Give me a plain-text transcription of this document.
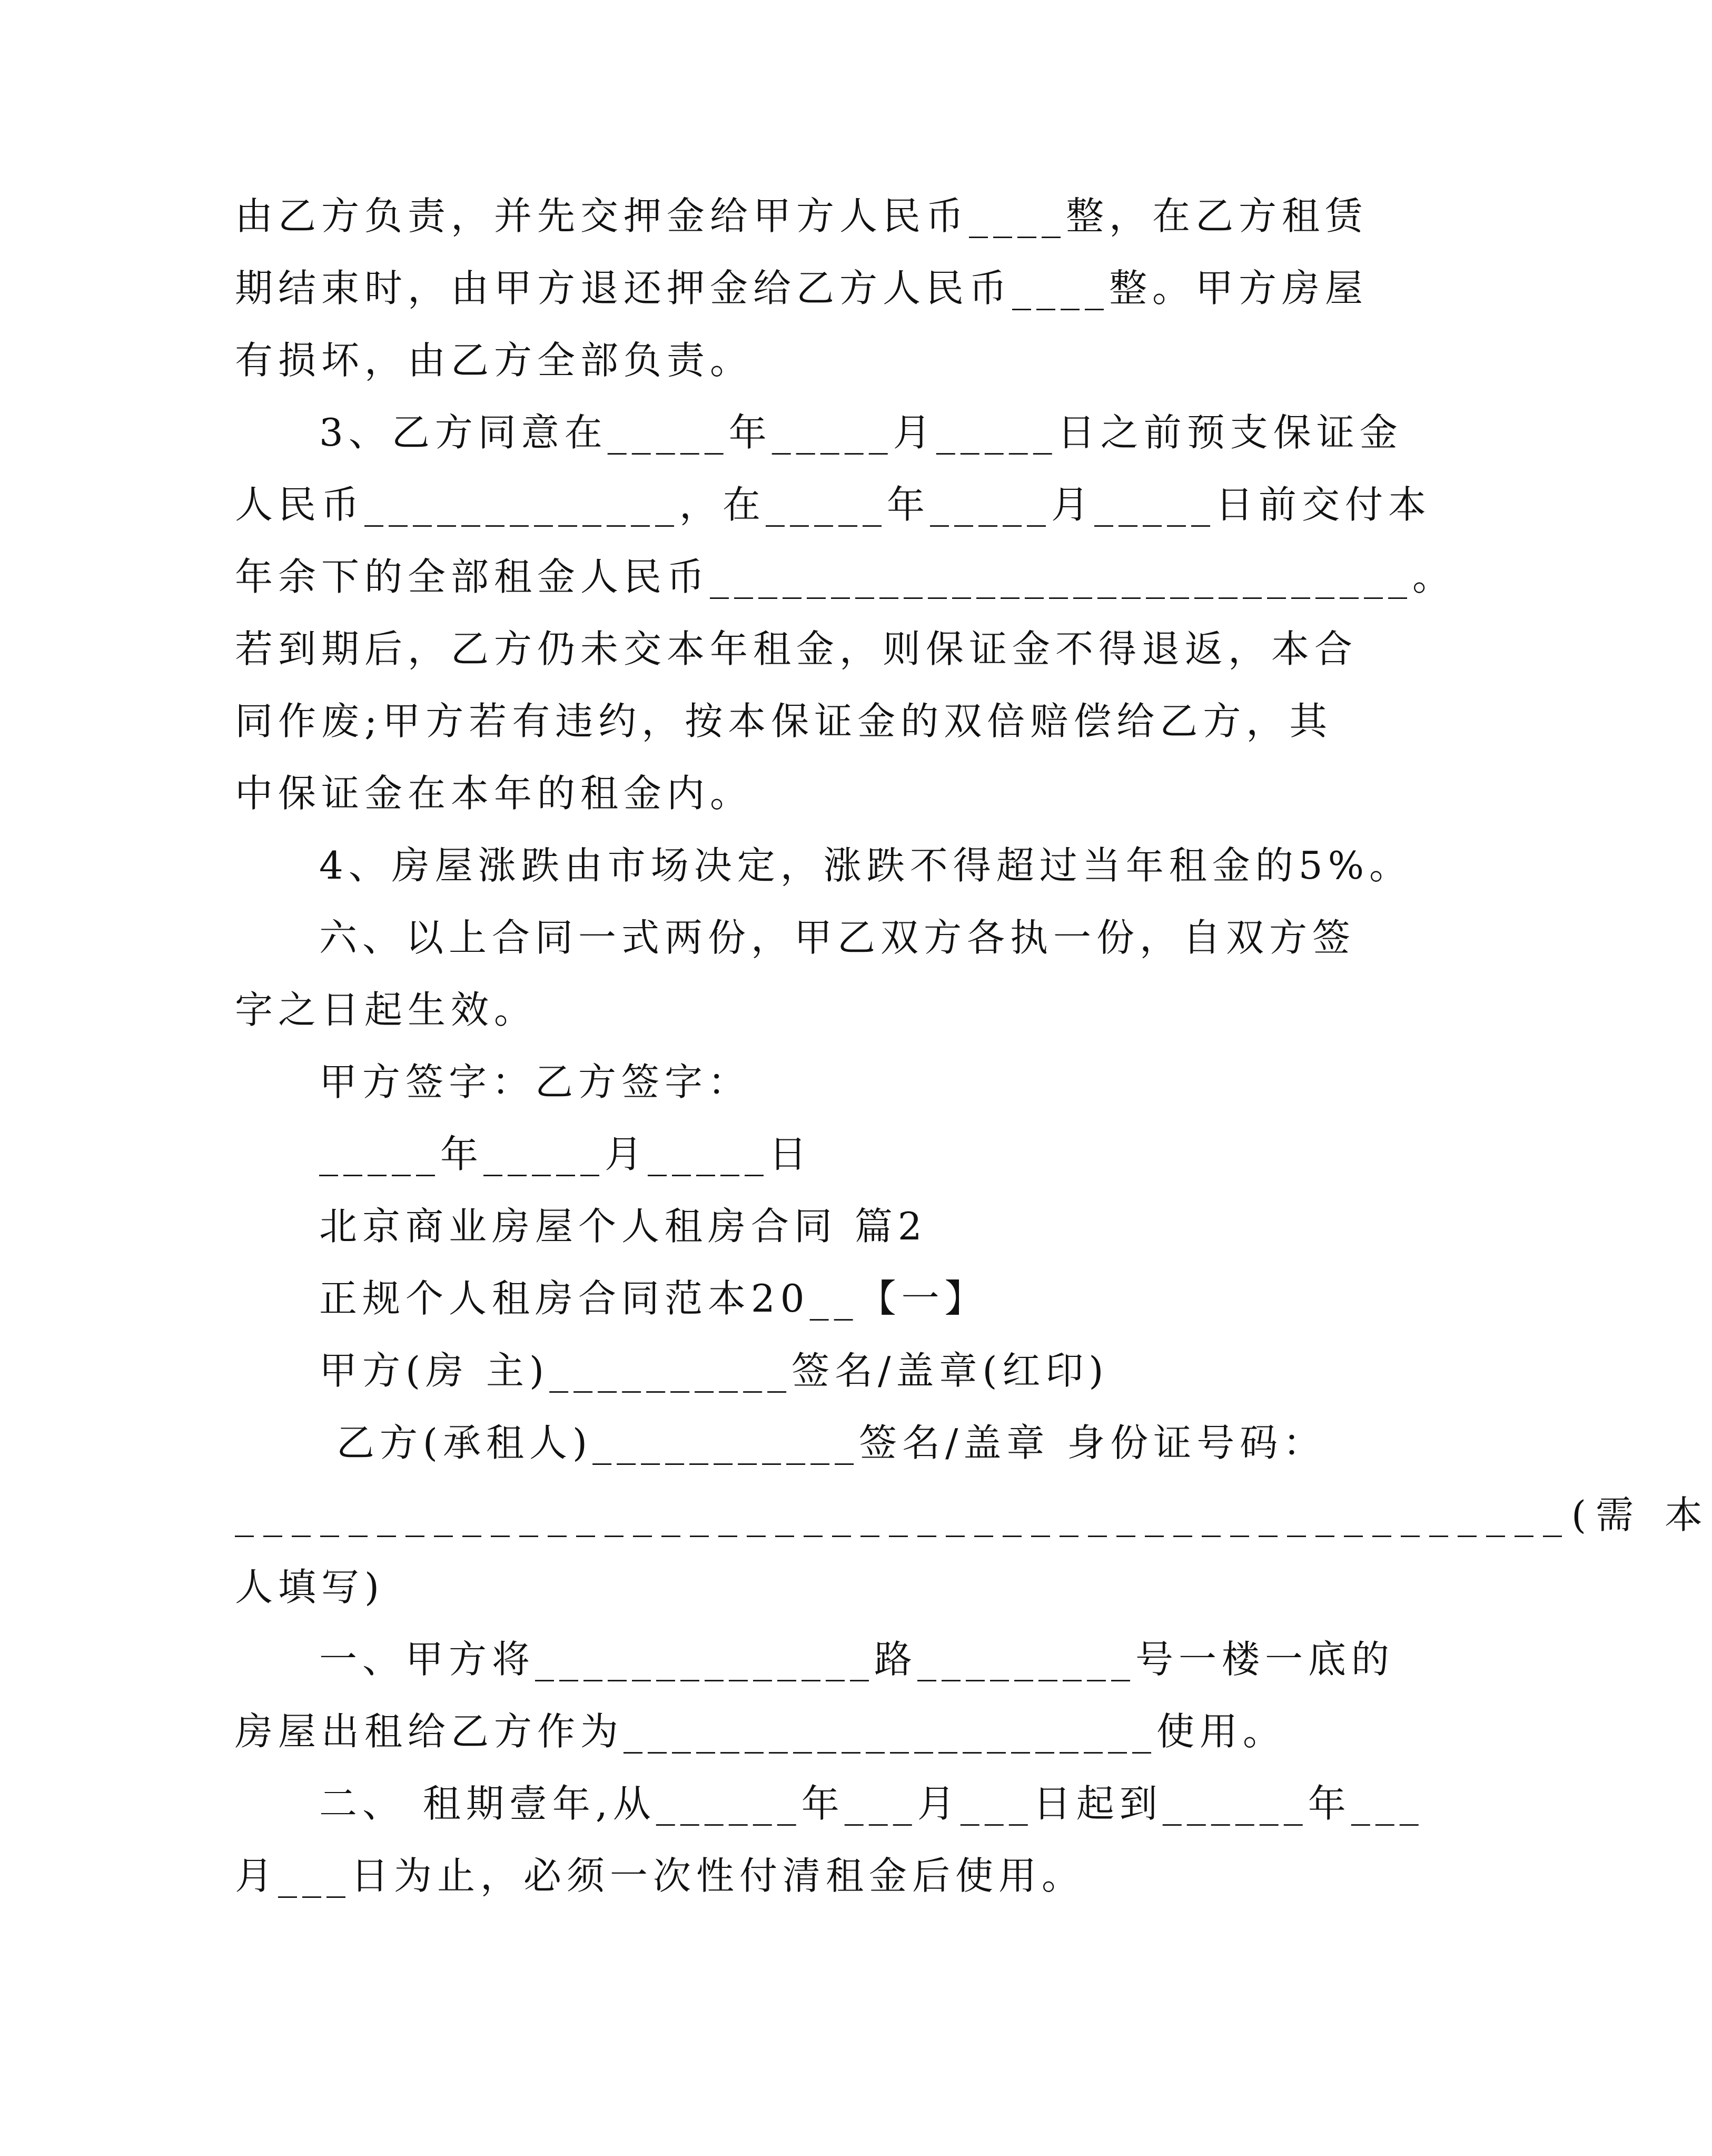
由乙方负责，并先交押金给甲方人民币____整，在乙方租赁
期结束时，由甲方退还押金给乙方人民币____整。甲方房屋
有损坏，由乙方全部负责。
3、乙方同意在_____年_____月_____日之前预支保证金
人民币_____________，在_____年_____月_____日前交付本
年余下的全部租金人民币_____________________________。
若到期后，乙方仍未交本年租金，则保证金不得退返，本合
同作废;甲方若有违约，按本保证金的双倍赔偿给乙方，其
中保证金在本年的租金内。
4、房屋涨跌由市场决定，涨跌不得超过当年租金的5%。
六、以上合同一式两份，甲乙双方各执一份，自双方签
字之日起生效。
甲方签字：乙方签字：
_____年_____月_____日
北京商业房屋个人租房合同 篇2
正规个人租房合同范本20__【一】
甲方(房 主)__________签名/盖章(红印)
乙方(承租人)___________签名/盖章 身份证号码：
_______________________________________________(需 本
人填写)
一、甲方将______________路_________号一楼一底的
房屋出租给乙方作为______________________使用。
二、 租期壹年,从______年___月___日起到______年___
月___日为止，必须一次性付清租金后使用。
